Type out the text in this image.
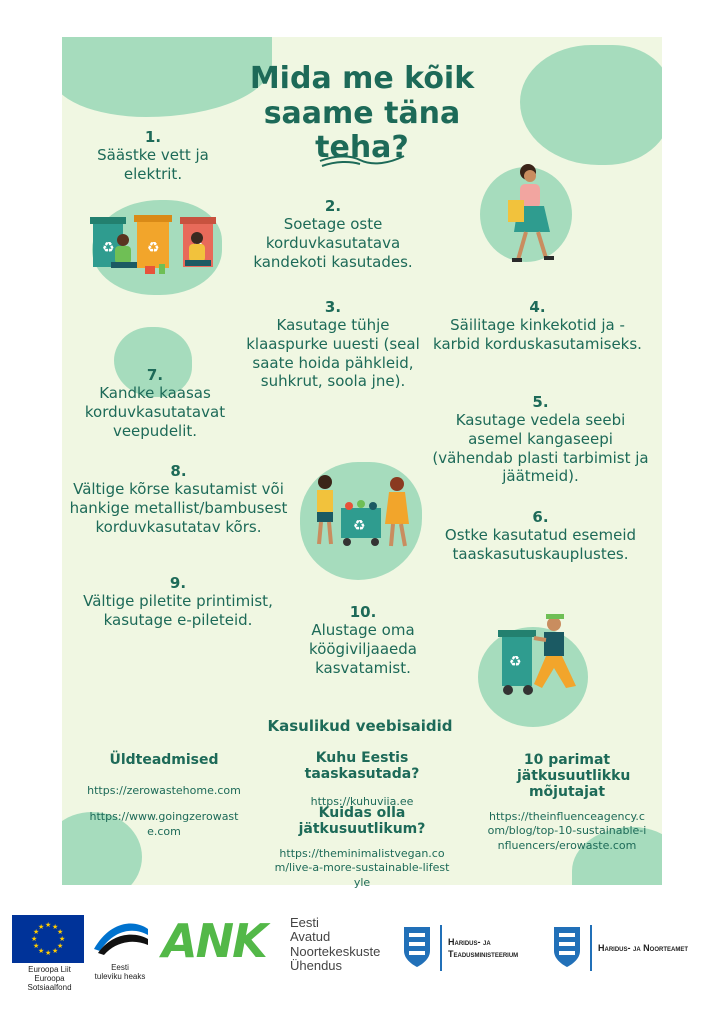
Mida me kõik saame täna teha?
1.
Säästke vett ja elektrit.
2.
Soetage oste korduvkasutatava kandekoti kasutades.
3.
Kasutage tühje klaaspurke uuesti (seal saate hoida pähkleid, suhkrut, soola jne).
4.
Säilitage kinkekotid ja -karbid korduskasutamiseks.
5.
Kasutage vedela seebi asemel kangaseepi (vähendab plasti tarbimist ja jäätmeid).
6.
Ostke kasutatud esemeid taaskasutuskauplustes.
7.
Kandke kaasas korduvkasutatavat veepudelit.
8.
Vältige kõrse kasutamist või hankige metallist/bambusest korduvkasutatav kõrs.
9.
Vältige piletite printimist, kasutage e-pileteid.	10.
Alustage oma köögiviljaaeda kasvatamist.
♻ ♻
♻
♻
Kasulikud veebisaidid
Üldteadmised
https://zerowastehome.com
https://www.goingzerowaste.com
Kuhu Eestis taaskasutada?
https://kuhuviia.ee
Kuidas olla jätkusuutlikum?
https://theminimalistvegan.com/live-a-more-sustainable-lifestyle
10 parimat jätkusuutlikku mõjutajat
https://theinfluenceagency.com/blog/top-10-sustainable-influencers/erowaste.com
★ ★
★
★
★
★
★
★
★
★
★
★
Euroopa Liit
Euroopa Sotsiaalfond
Eesti
tuleviku heaks
ANK Eesti
Avatud
Noortekeskuste
Ühendus
Haridus- ja
Teadusministeerium
Haridus- ja Noorteamet
